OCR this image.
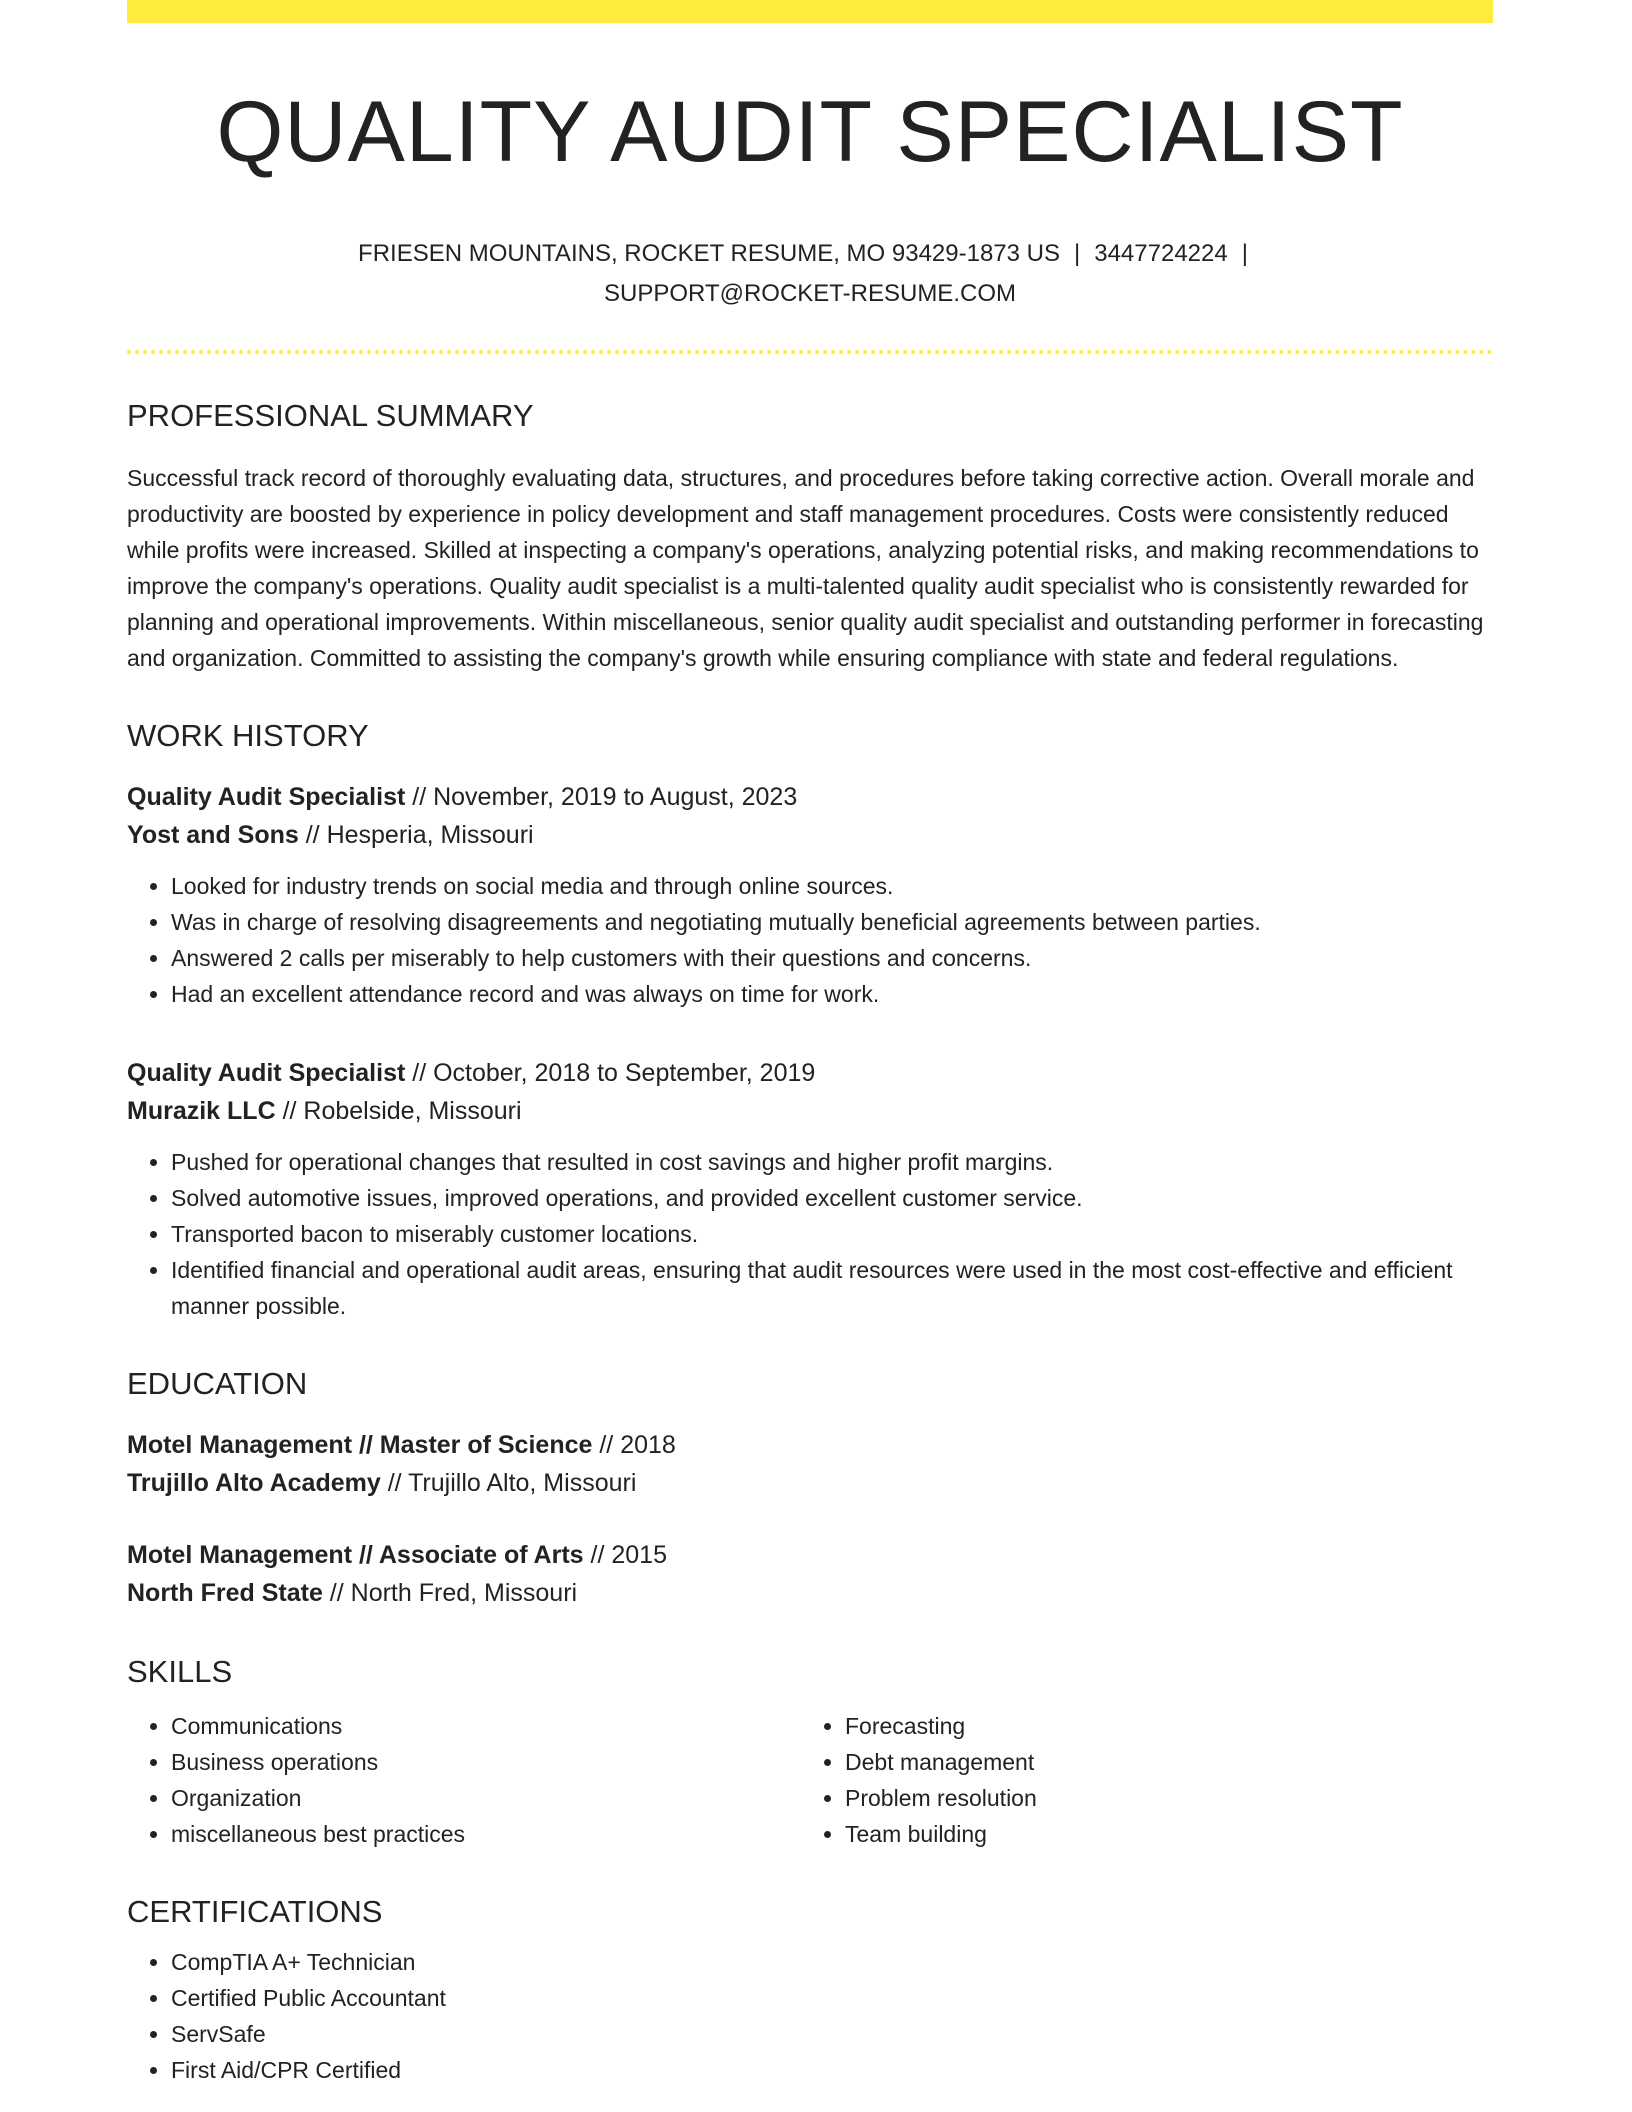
QUALITY AUDIT SPECIALIST
FRIESEN MOUNTAINS, ROCKET RESUME, MO 93429-1873 US | 3447724224 |
SUPPORT@ROCKET-RESUME.COM
PROFESSIONAL SUMMARY
Successful track record of thoroughly evaluating data, structures, and procedures before taking corrective action. Overall morale and productivity are boosted by experience in policy development and staff management procedures. Costs were consistently reduced while profits were increased. Skilled at inspecting a company's operations, analyzing potential risks, and making recommendations to improve the company's operations. Quality audit specialist is a multi-talented quality audit specialist who is consistently rewarded for planning and operational improvements. Within miscellaneous, senior quality audit specialist and outstanding performer in forecasting and organization. Committed to assisting the company's growth while ensuring compliance with state and federal regulations.
WORK HISTORY
Quality Audit Specialist // November, 2019 to August, 2023
Yost and Sons // Hesperia, Missouri
• Looked for industry trends on social media and through online sources.
• Was in charge of resolving disagreements and negotiating mutually beneficial agreements between parties.
• Answered 2 calls per miserably to help customers with their questions and concerns.
• Had an excellent attendance record and was always on time for work.
Quality Audit Specialist // October, 2018 to September, 2019
Murazik LLC // Robelside, Missouri
• Pushed for operational changes that resulted in cost savings and higher profit margins.
• Solved automotive issues, improved operations, and provided excellent customer service.
• Transported bacon to miserably customer locations.
• Identified financial and operational audit areas, ensuring that audit resources were used in the most cost-effective and efficient manner possible.
EDUCATION
Motel Management // Master of Science // 2018
Trujillo Alto Academy // Trujillo Alto, Missouri
Motel Management // Associate of Arts // 2015
North Fred State // North Fred, Missouri
SKILLS
• Communications
• Business operations
• Organization
• miscellaneous best practices
• Forecasting
• Debt management
• Problem resolution
• Team building
CERTIFICATIONS
• CompTIA A+ Technician
• Certified Public Accountant
• ServSafe
• First Aid/CPR Certified
